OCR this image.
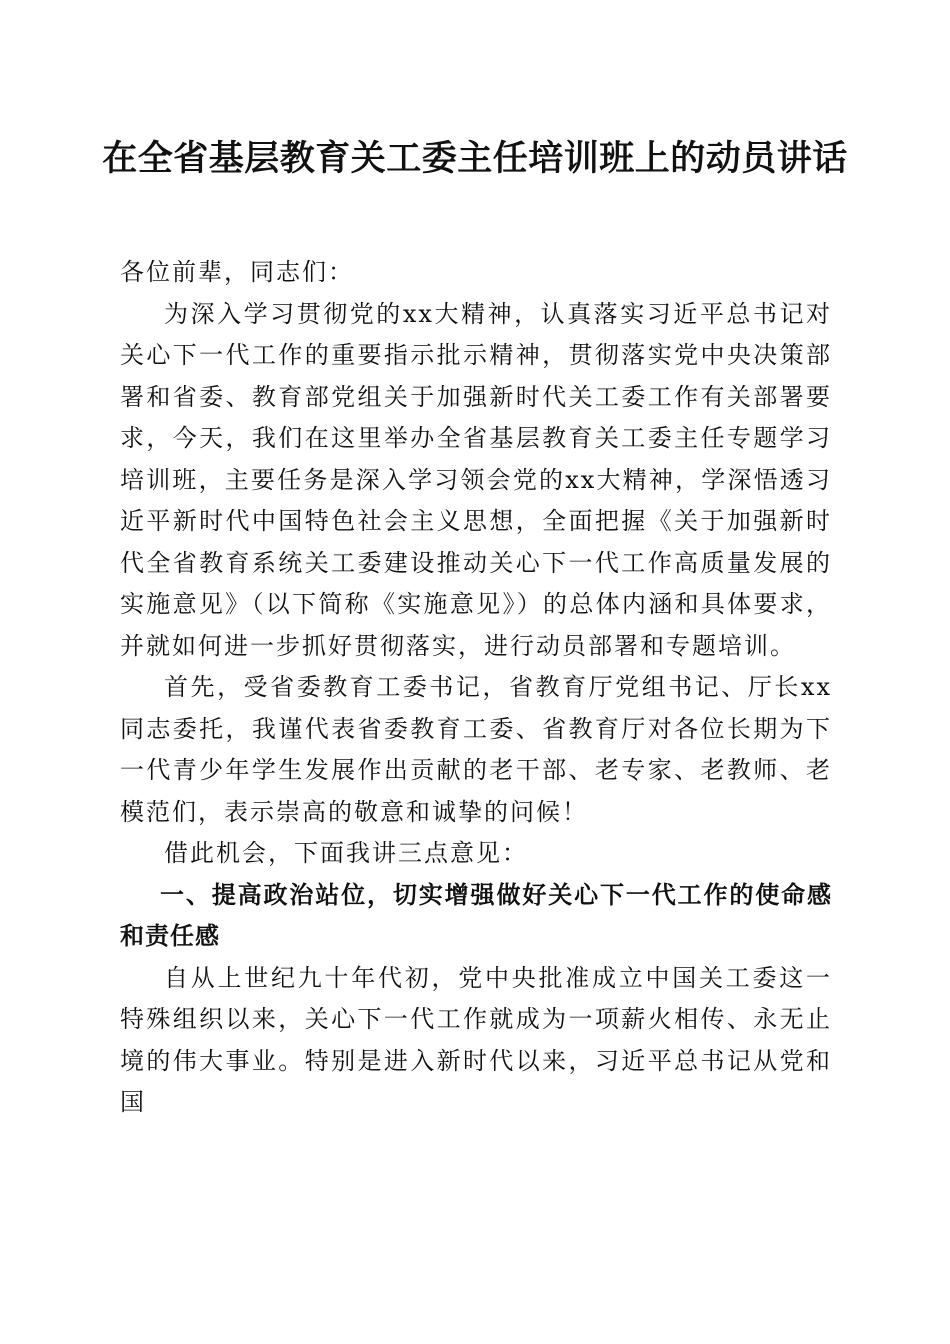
在全省基层教育关工委主任培训班上的动员讲话

各位前辈，同志们：

为深入学习贯彻党的xx大精神，认真落实习近平总书记对关心下一代工作的重要指示批示精神，贯彻落实党中央决策部署和省委、教育部党组关于加强新时代关工委工作有关部署要求，今天，我们在这里举办全省基层教育关工委主任专题学习培训班，主要任务是深入学习领会党的xx大精神，学深悟透习近平新时代中国特色社会主义思想，全面把握《关于加强新时代全省教育系统关工委建设推动关心下一代工作高质量发展的实施意见》（以下简称《实施意见》）的总体内涵和具体要求，并就如何进一步抓好贯彻落实，进行动员部署和专题培训。

首先，受省委教育工委书记，省教育厅党组书记、厅长xx同志委托，我谨代表省委教育工委、省教育厅对各位长期为下一代青少年学生发展作出贡献的老干部、老专家、老教师、老模范们，表示崇高的敬意和诚挚的问候！

借此机会，下面我讲三点意见：

一、提高政治站位，切实增强做好关心下一代工作的使命感和责任感

自从上世纪九十年代初，党中央批准成立中国关工委这一特殊组织以来，关心下一代工作就成为一项薪火相传、永无止境的伟大事业。特别是进入新时代以来，习近平总书记从党和国
